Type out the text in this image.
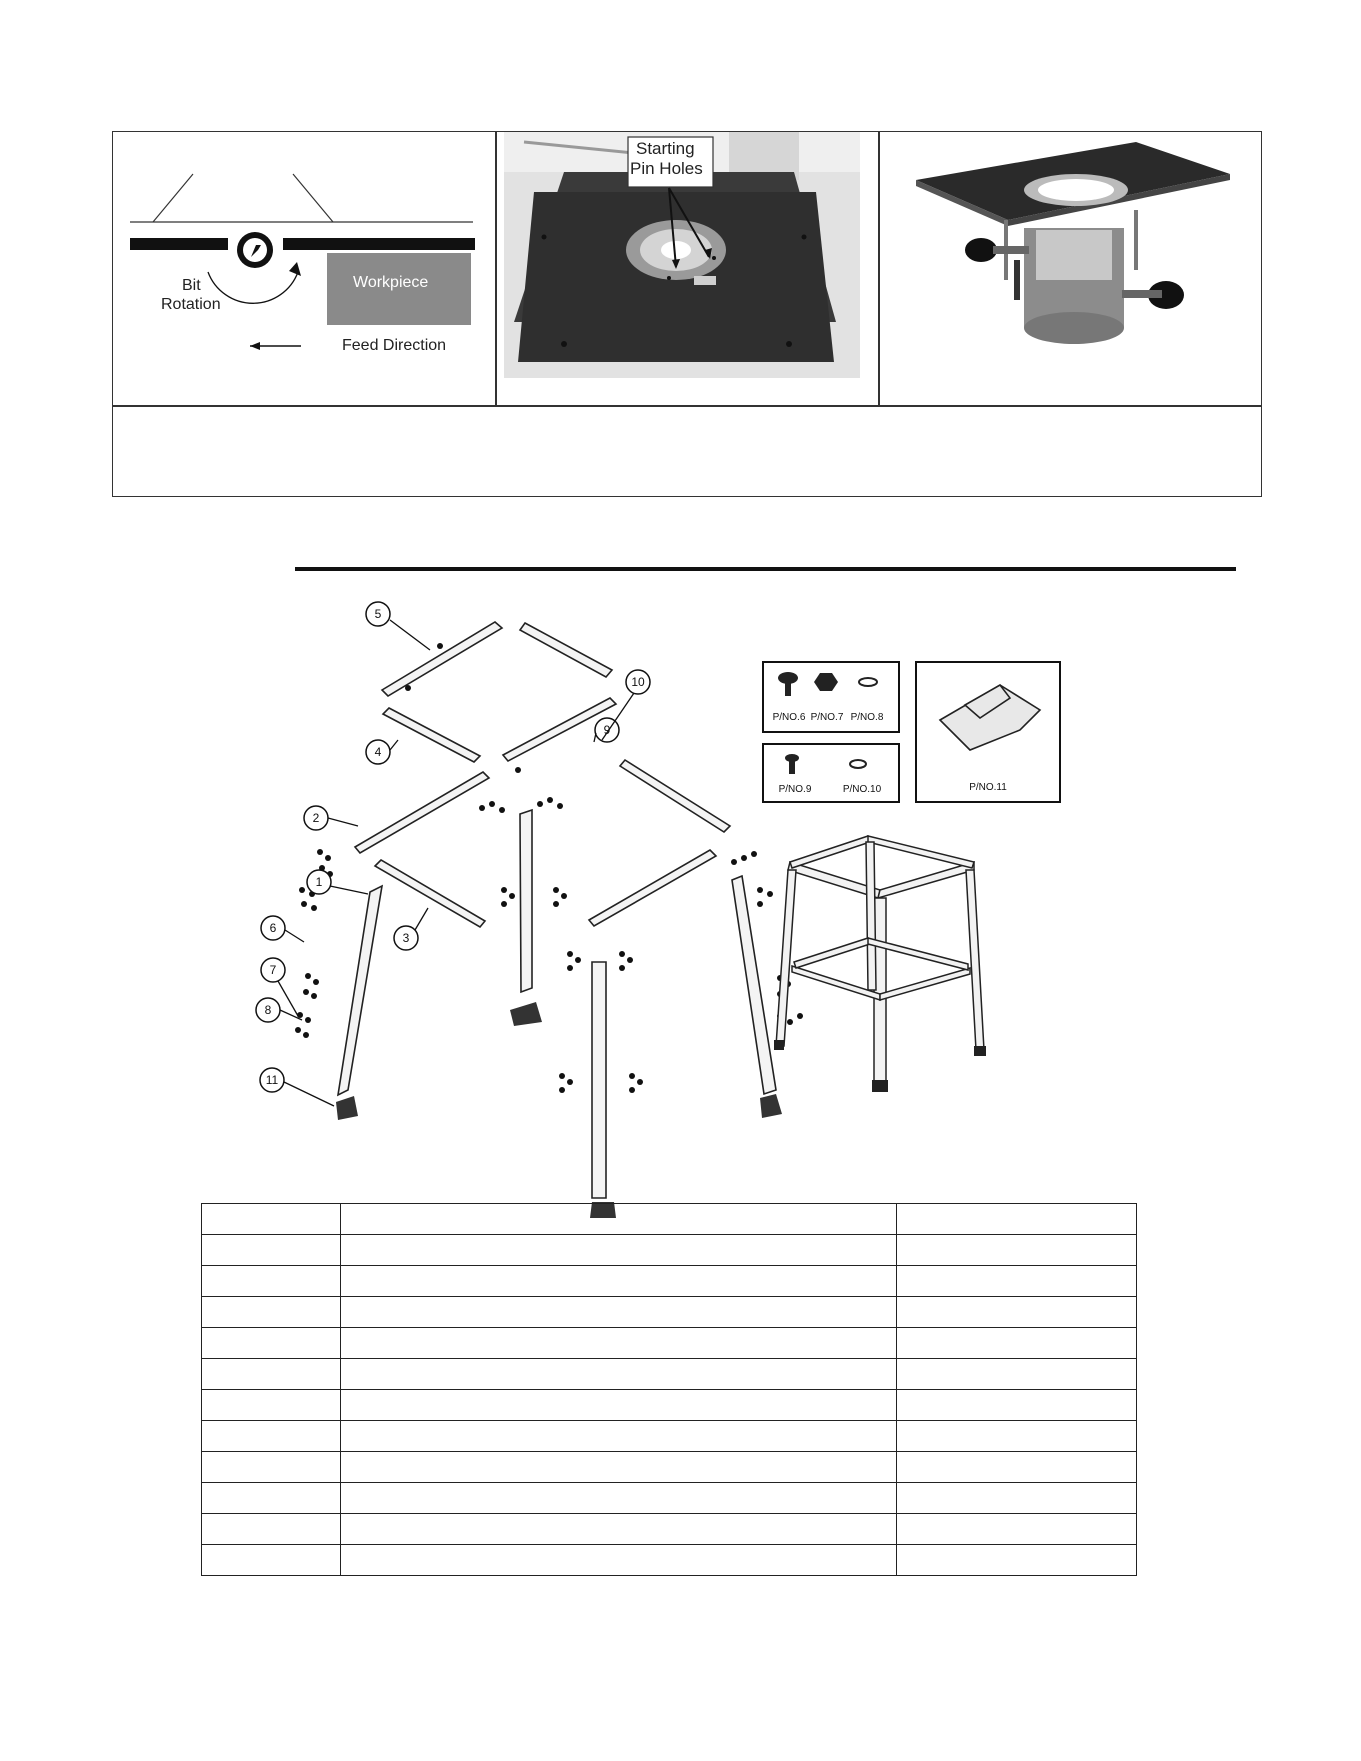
Bit
Rotation
Workpiece
Feed Direction
Starting
Pin Holes
5
10
9
4
2
1
3
6
7
8
11
P/NO.6 P/NO.7 P/NO.8
P/NO.9	P/NO.10	P/NO.11
